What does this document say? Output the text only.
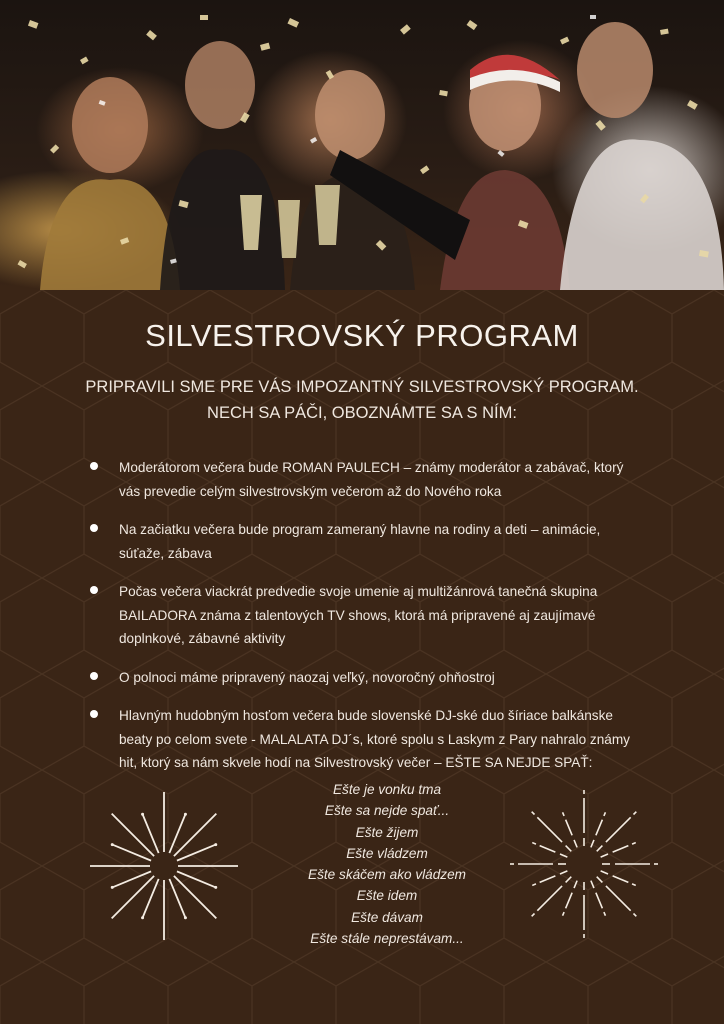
SILVESTROVSKÝ PROGRAM
PRIPRAVILI SME PRE VÁS IMPOZANTNÝ SILVESTROVSKÝ PROGRAM.
NECH SA PÁČI, OBOZNÁMTE SA S NÍM:
Moderátorom večera bude ROMAN PAULECH – známy moderátor a zabávač, ktorý vás prevedie celým silvestrovským večerom až do Nového roka
Na začiatku večera bude program zameraný hlavne na rodiny a deti – animácie, súťaže, zábava
Počas večera viackrát predvedie svoje umenie aj multižánrová tanečná skupina BAILADORA známa z talentových TV shows, ktorá má pripravené aj zaujímavé doplnkové, zábavné aktivity
O polnoci máme pripravený naozaj veľký, novoročný ohňostroj
Hlavným hudobným hosťom večera bude slovenské DJ-ské duo šíriace balkánske beaty po celom svete - MALALATA DJ´s, ktoré spolu s Laskym z Pary nahralo známy hit, ktorý sa nám skvele hodí na Silvestrovský večer – EŠTE SA NEJDE SPAŤ:
Ešte je vonku tma
Ešte sa nejde spať...
Ešte žijem
Ešte vládzem
Ešte skáčem ako vládzem
Ešte idem
Ešte dávam
Ešte stále neprestávam...
